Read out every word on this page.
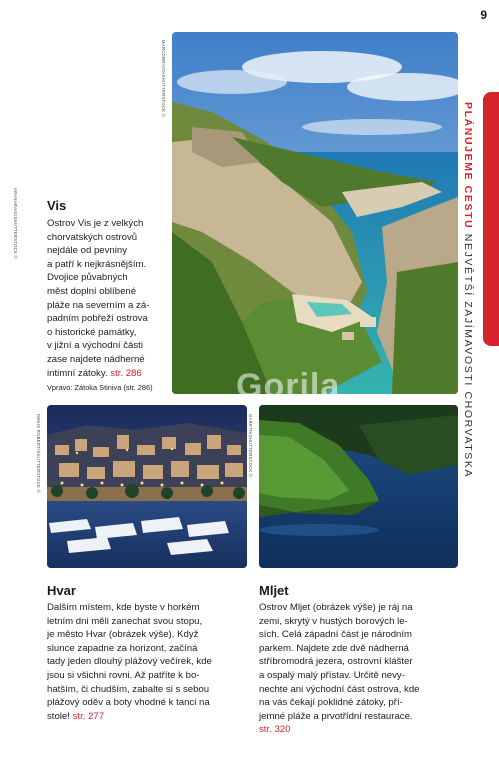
9
PLÁNUJEME CESTU NEJVĚTŠÍ ZAJÍMAVOSTI CHORVATSKA
MARCOBRIVIO/SHUTTERSTOCK ©
ARANARAIS/SHUTTERSTOCK © Vis
Ostrov Vis je z velkých
chorvatských ostrovů
nejdále od pevniny
a patří k nejkrásnějším.
Dvojice půvabných
měst doplní oblíbené
pláže na severním a zá-
padním pobřeží ostrova
o historické památky,
v jižní a východní části
zase najdete nádherné
intimní zátoky. str. 286
Vpravo: Zátoka Stiniva (str. 286)
DENIS ROBERT/SHUTTERSTOCK ©	GARETH/SHUTTERSTOCK ©
Gorila
Hvar
Dalším místem, kde byste v horkém
letním dni měli zanechat svou stopu,
je město Hvar (obrázek výše). Když
slunce zapadne za horizont, začíná
tady jeden dlouhý plážový večírek, kde
jsou si všichni rovni. Až patříte k bo-
hatším, či chudším, zabalte si s sebou
plážový oděv a boty vhodné k tanci na
stole! str. 277
Mljet
Ostrov Mljet (obrázek výše) je ráj na
zemi, skrytý v hustých borových le-
sích. Celá západní část je národním
parkem. Najdete zde dvě nádherná
stříbromodrá jezera, ostrovní klášter
a ospalý malý přístav. Určitě nevy-
nechte ani východní část ostrova, kde
na vás čekají poklidné zátoky, pří-
jemné pláže a prvotřídní restaurace.
str. 320
